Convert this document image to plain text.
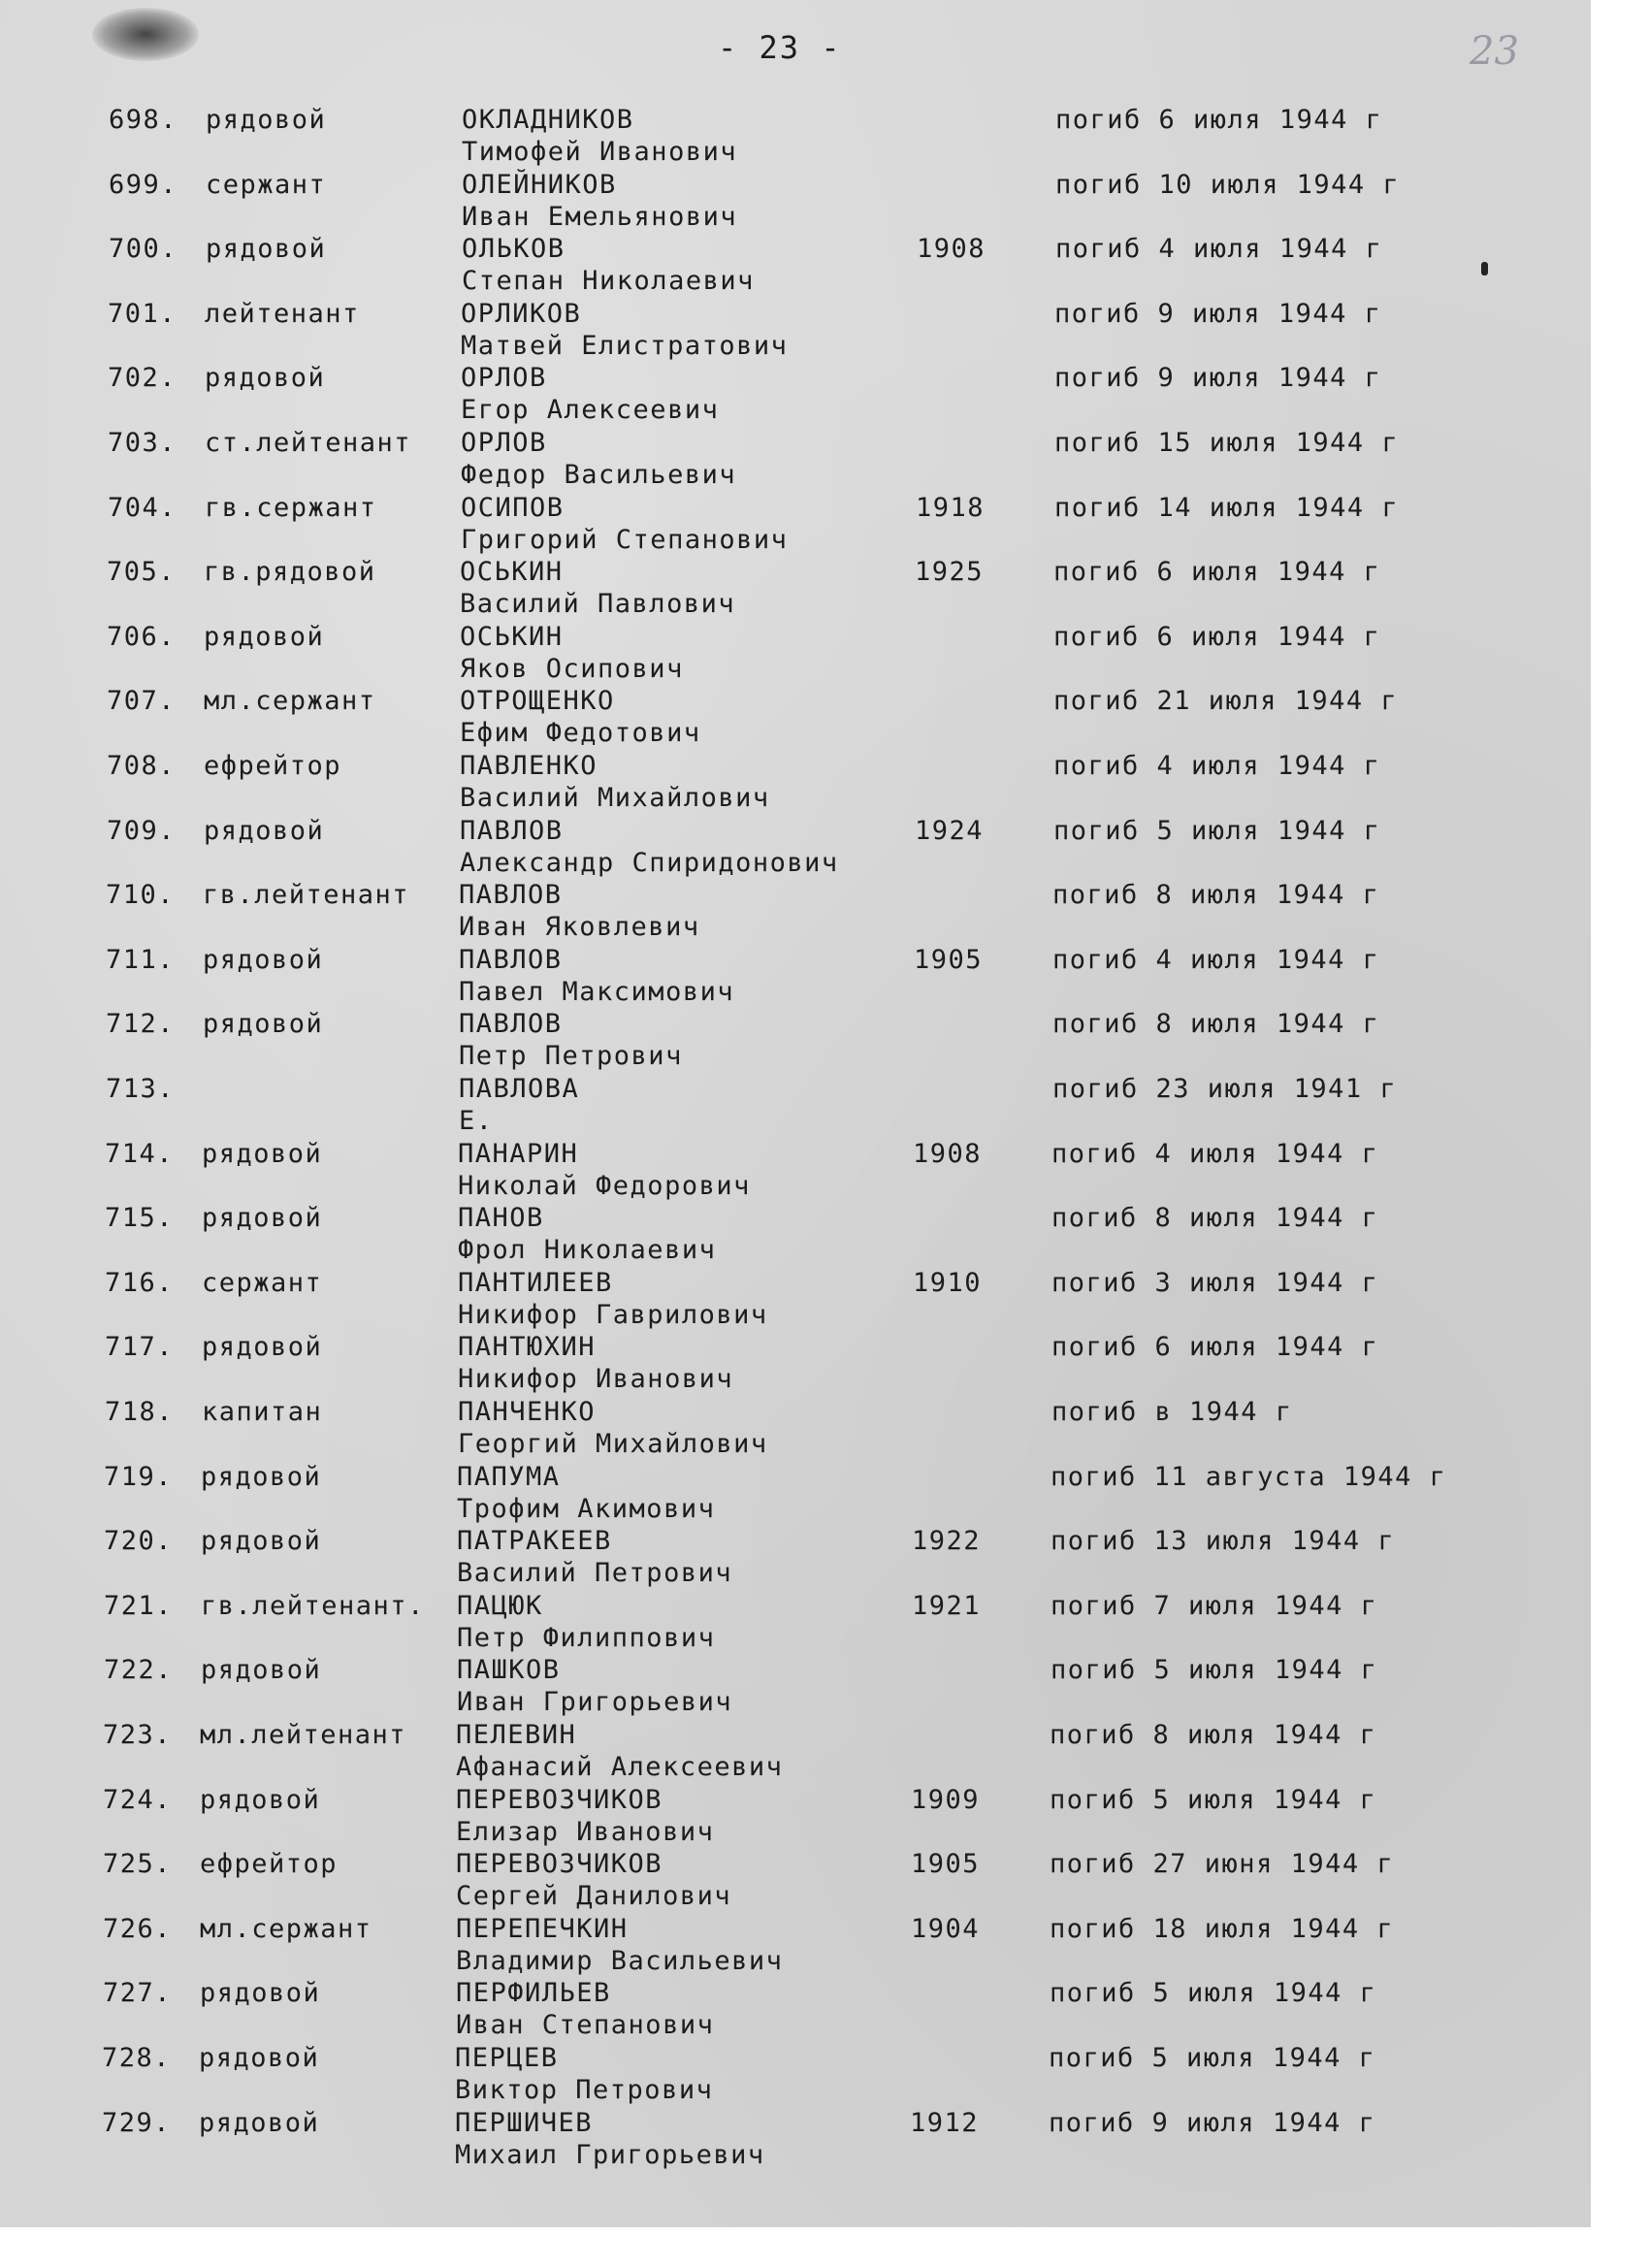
- 23 -	23
698. рядовой	ОКЛАДНИКОВ
Тимофей Иванович
погиб 6 июля 1944 г
699. сержант	ОЛЕЙНИКОВ
Иван Емельянович
погиб 10 июля 1944 г
700. рядовой	ОЛЬКОВ
Степан Николаевич
1908	погиб 4 июля 1944 г
701. лейтенант	ОРЛИКОВ
Матвей Елистратович
погиб 9 июля 1944 г
702. рядовой	ОРЛОВ
Егор Алексеевич
погиб 9 июля 1944 г
703. ст.лейтенант ОРЛОВ
Федор Васильевич
погиб 15 июля 1944 г
704. гв.сержант	ОСИПОВ
Григорий Степанович
1918	погиб 14 июля 1944 г
705. гв.рядовой	ОСЬКИН
Василий Павлович
1925	погиб 6 июля 1944 г
706. рядовой	ОСЬКИН
Яков Осипович
погиб 6 июля 1944 г
707. мл.сержант	ОТРОЩЕНКО
Ефим Федотович
погиб 21 июля 1944 г
708. ефрейтор	ПАВЛЕНКО
Василий Михайлович
погиб 4 июля 1944 г
709. рядовой	ПАВЛОВ
Александр Спиридонович
1924	погиб 5 июля 1944 г
710. гв.лейтенант ПАВЛОВ
Иван Яковлевич
погиб 8 июля 1944 г
711. рядовой	ПАВЛОВ
Павел Максимович
1905	погиб 4 июля 1944 г
712. рядовой	ПАВЛОВ
Петр Петрович
погиб 8 июля 1944 г
713.	ПАВЛОВА
Е.
погиб 23 июля 1941 г
714. рядовой	ПАНАРИН
Николай Федорович
1908	погиб 4 июля 1944 г
715. рядовой	ПАНОВ
Фрол Николаевич
погиб 8 июля 1944 г
716. сержант	ПАНТИЛЕЕВ
Никифор Гаврилович
1910	погиб 3 июля 1944 г
717. рядовой	ПАНТЮХИН
Никифор Иванович
погиб 6 июля 1944 г
718. капитан	ПАНЧЕНКО
Георгий Михайлович
погиб в 1944 г
719. рядовой	ПАПУМА
Трофим Акимович
погиб 11 августа 1944 г
720. рядовой	ПАТРАКЕЕВ
Василий Петрович
1922	погиб 13 июля 1944 г
721. гв.лейтенант. ПАЦЮК
Петр Филиппович
1921	погиб 7 июля 1944 г
722. рядовой	ПАШКОВ
Иван Григорьевич
погиб 5 июля 1944 г
723. мл.лейтенант ПЕЛЕВИН
Афанасий Алексеевич
погиб 8 июля 1944 г
724. рядовой	ПЕРЕВОЗЧИКОВ
Елизар Иванович
1909	погиб 5 июля 1944 г
725. ефрейтор	ПЕРЕВОЗЧИКОВ
Сергей Данилович
1905	погиб 27 июня 1944 г
726. мл.сержант	ПЕРЕПЕЧКИН
Владимир Васильевич
1904	погиб 18 июля 1944 г
727. рядовой	ПЕРФИЛЬЕВ
Иван Степанович
погиб 5 июля 1944 г
728. рядовой	ПЕРЦЕВ
Виктор Петрович
погиб 5 июля 1944 г
729. рядовой	ПЕРШИЧЕВ
Михаил Григорьевич
1912	погиб 9 июля 1944 г
